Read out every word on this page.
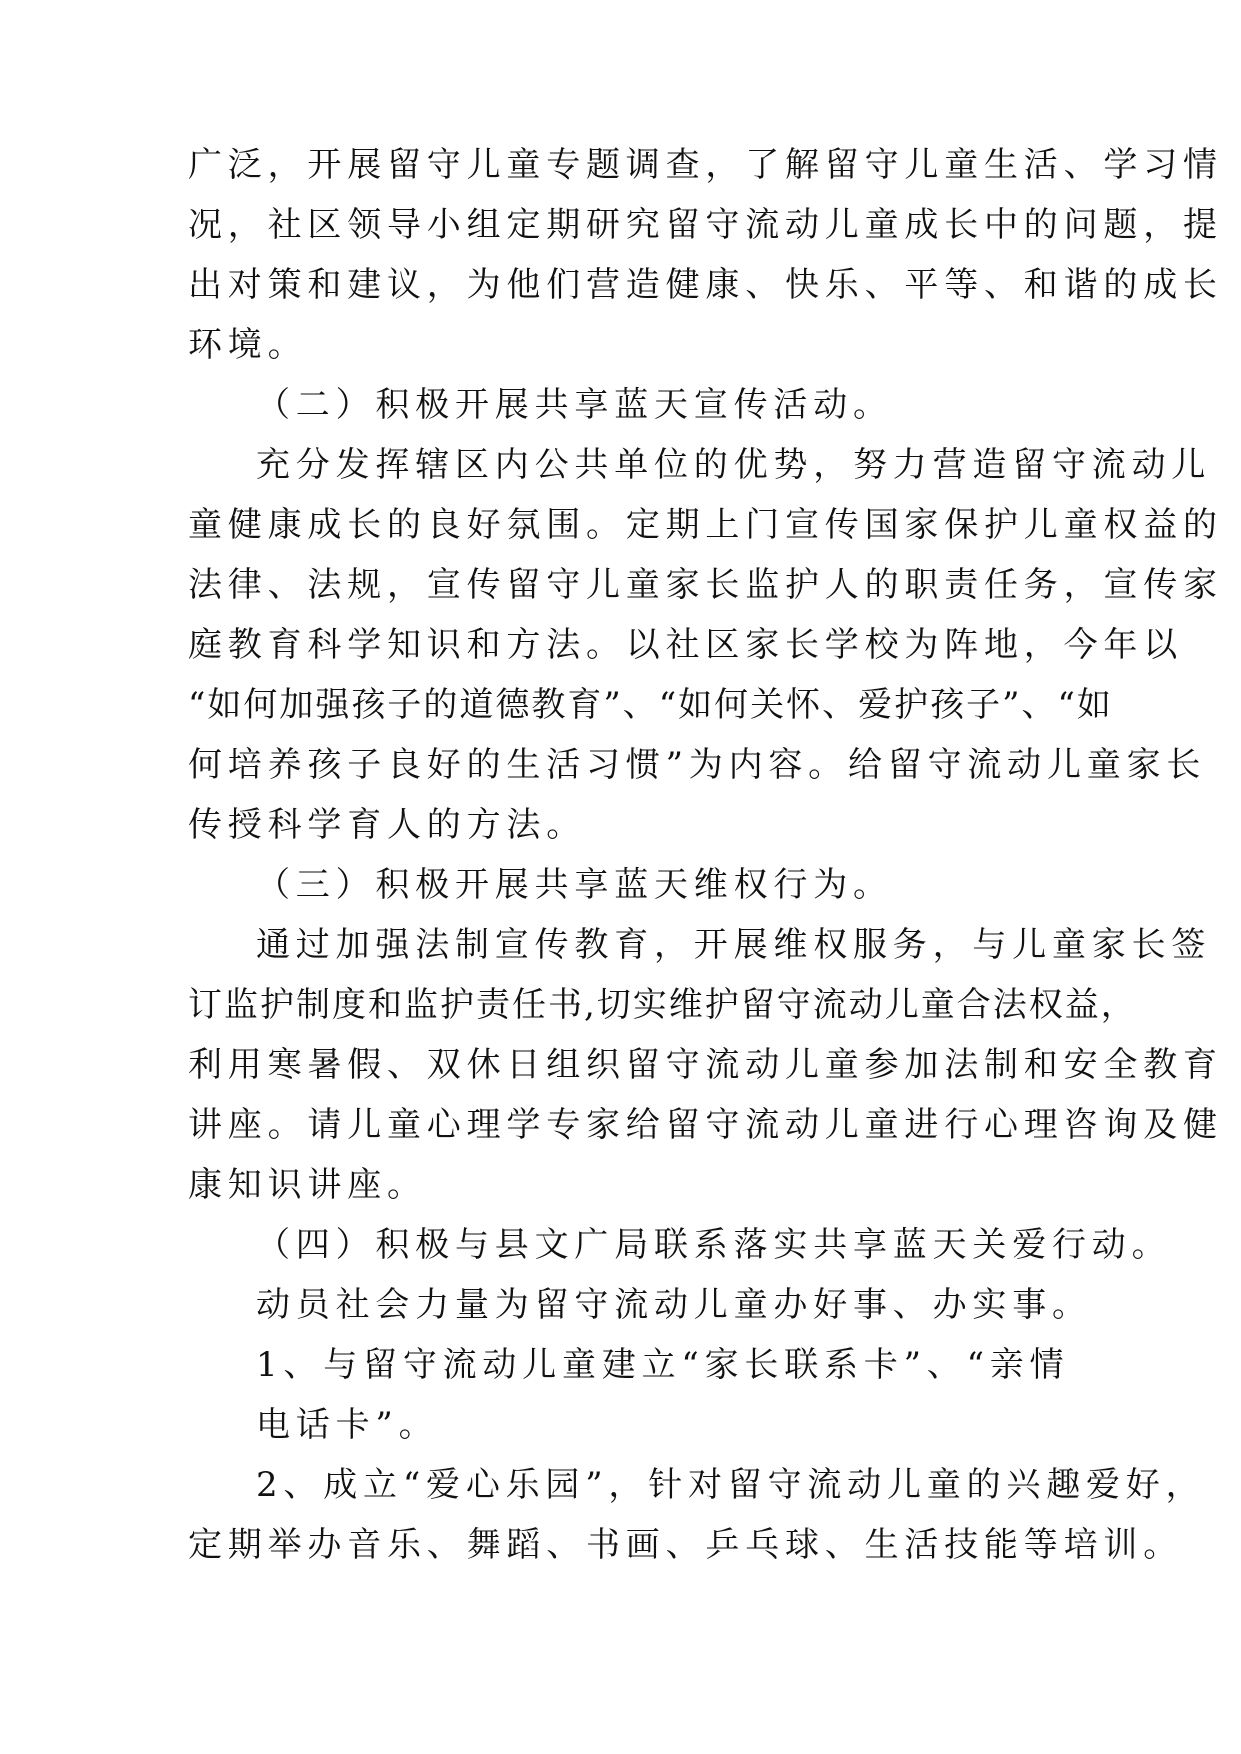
广泛，开展留守儿童专题调查，了解留守儿童生活、学习情
况，社区领导小组定期研究留守流动儿童成长中的问题，提
出对策和建议，为他们营造健康、快乐、平等、和谐的成长
环境。
（二）积极开展共享蓝天宣传活动。
充分发挥辖区内公共单位的优势，努力营造留守流动儿
童健康成长的良好氛围。定期上门宣传国家保护儿童权益的
法律、法规，宣传留守儿童家长监护人的职责任务，宣传家
庭教育科学知识和方法。以社区家长学校为阵地，今年以
“如何加强孩子的道德教育”、“如何关怀、爱护孩子”、“如
何培养孩子良好的生活习惯”为内容。给留守流动儿童家长
传授科学育人的方法。
（三）积极开展共享蓝天维权行为。
通过加强法制宣传教育，开展维权服务，与儿童家长签
订监护制度和监护责任书,切实维护留守流动儿童合法权益，
利用寒暑假、双休日组织留守流动儿童参加法制和安全教育
讲座。请儿童心理学专家给留守流动儿童进行心理咨询及健
康知识讲座。
（四）积极与县文广局联系落实共享蓝天关爱行动。
动员社会力量为留守流动儿童办好事、办实事。
1、与留守流动儿童建立“家长联系卡”、“亲情
电话卡”。
2、成立“爱心乐园”，针对留守流动儿童的兴趣爱好，
定期举办音乐、舞蹈、书画、乒乓球、生活技能等培训。
